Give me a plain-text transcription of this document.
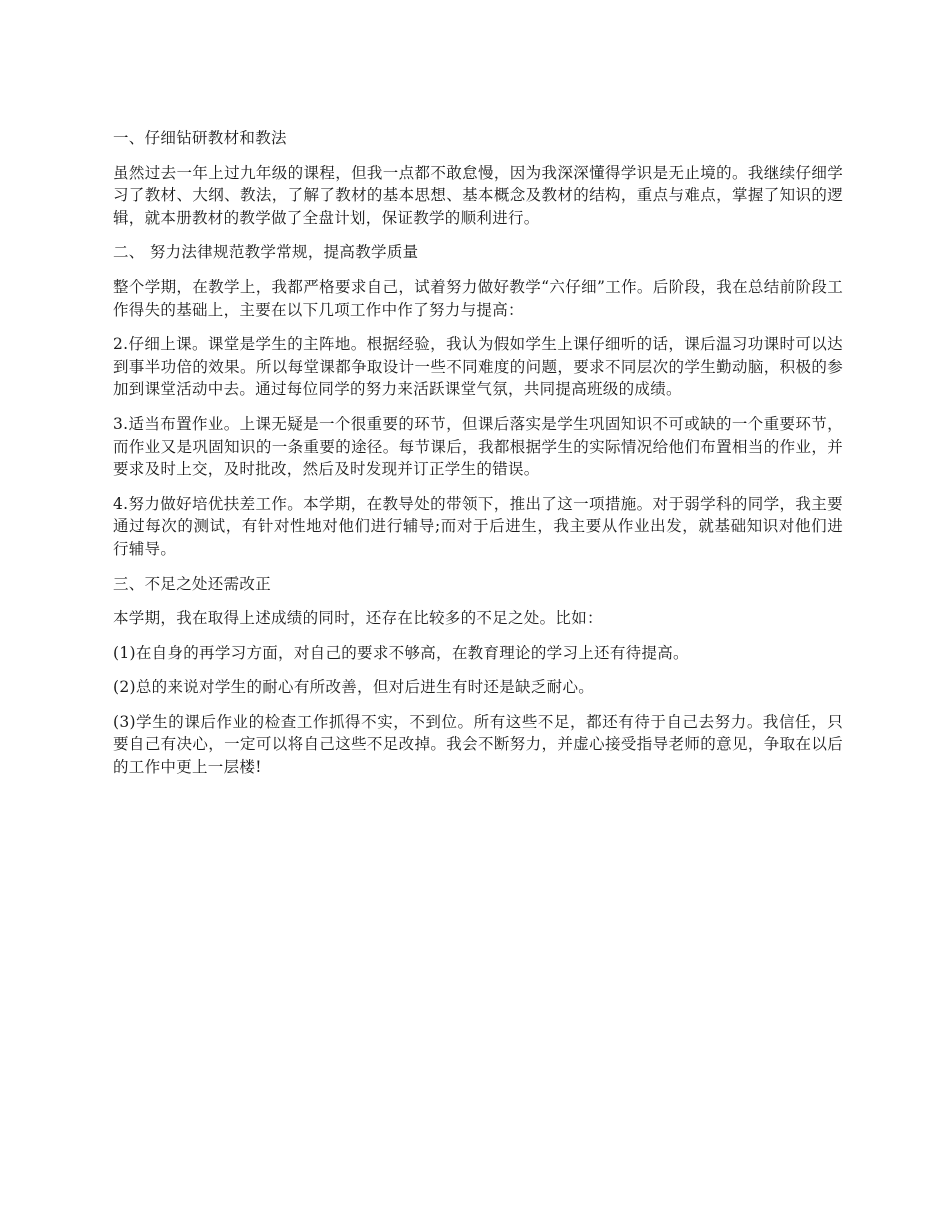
一、仔细钻研教材和教法

虽然过去一年上过九年级的课程，但我一点都不敢怠慢，因为我深深懂得学识是无止境的。我继续仔细学习了教材、大纲、教法，了解了教材的基本思想、基本概念及教材的结构，重点与难点，掌握了知识的逻辑，就本册教材的教学做了全盘计划，保证教学的顺利进行。

二、 努力法律规范教学常规，提高教学质量

整个学期，在教学上，我都严格要求自己，试着努力做好教学“六仔细”工作。后阶段，我在总结前阶段工作得失的基础上，主要在以下几项工作中作了努力与提高：

2.仔细上课。课堂是学生的主阵地。根据经验，我认为假如学生上课仔细听的话，课后温习功课时可以达到事半功倍的效果。所以每堂课都争取设计一些不同难度的问题，要求不同层次的学生勤动脑，积极的参加到课堂活动中去。通过每位同学的努力来活跃课堂气氛，共同提高班级的成绩。

3.适当布置作业。上课无疑是一个很重要的环节，但课后落实是学生巩固知识不可或缺的一个重要环节，而作业又是巩固知识的一条重要的途径。每节课后，我都根据学生的实际情况给他们布置相当的作业，并要求及时上交，及时批改，然后及时发现并订正学生的错误。

4.努力做好培优扶差工作。本学期，在教导处的带领下，推出了这一项措施。对于弱学科的同学，我主要通过每次的测试，有针对性地对他们进行辅导;而对于后进生，我主要从作业出发，就基础知识对他们进行辅导。

三、不足之处还需改正

本学期，我在取得上述成绩的同时，还存在比较多的不足之处。比如：

(1)在自身的再学习方面，对自己的要求不够高，在教育理论的学习上还有待提高。

(2)总的来说对学生的耐心有所改善，但对后进生有时还是缺乏耐心。

(3)学生的课后作业的检查工作抓得不实，不到位。所有这些不足，都还有待于自己去努力。我信任，只要自己有决心，一定可以将自己这些不足改掉。我会不断努力，并虚心接受指导老师的意见，争取在以后的工作中更上一层楼!
